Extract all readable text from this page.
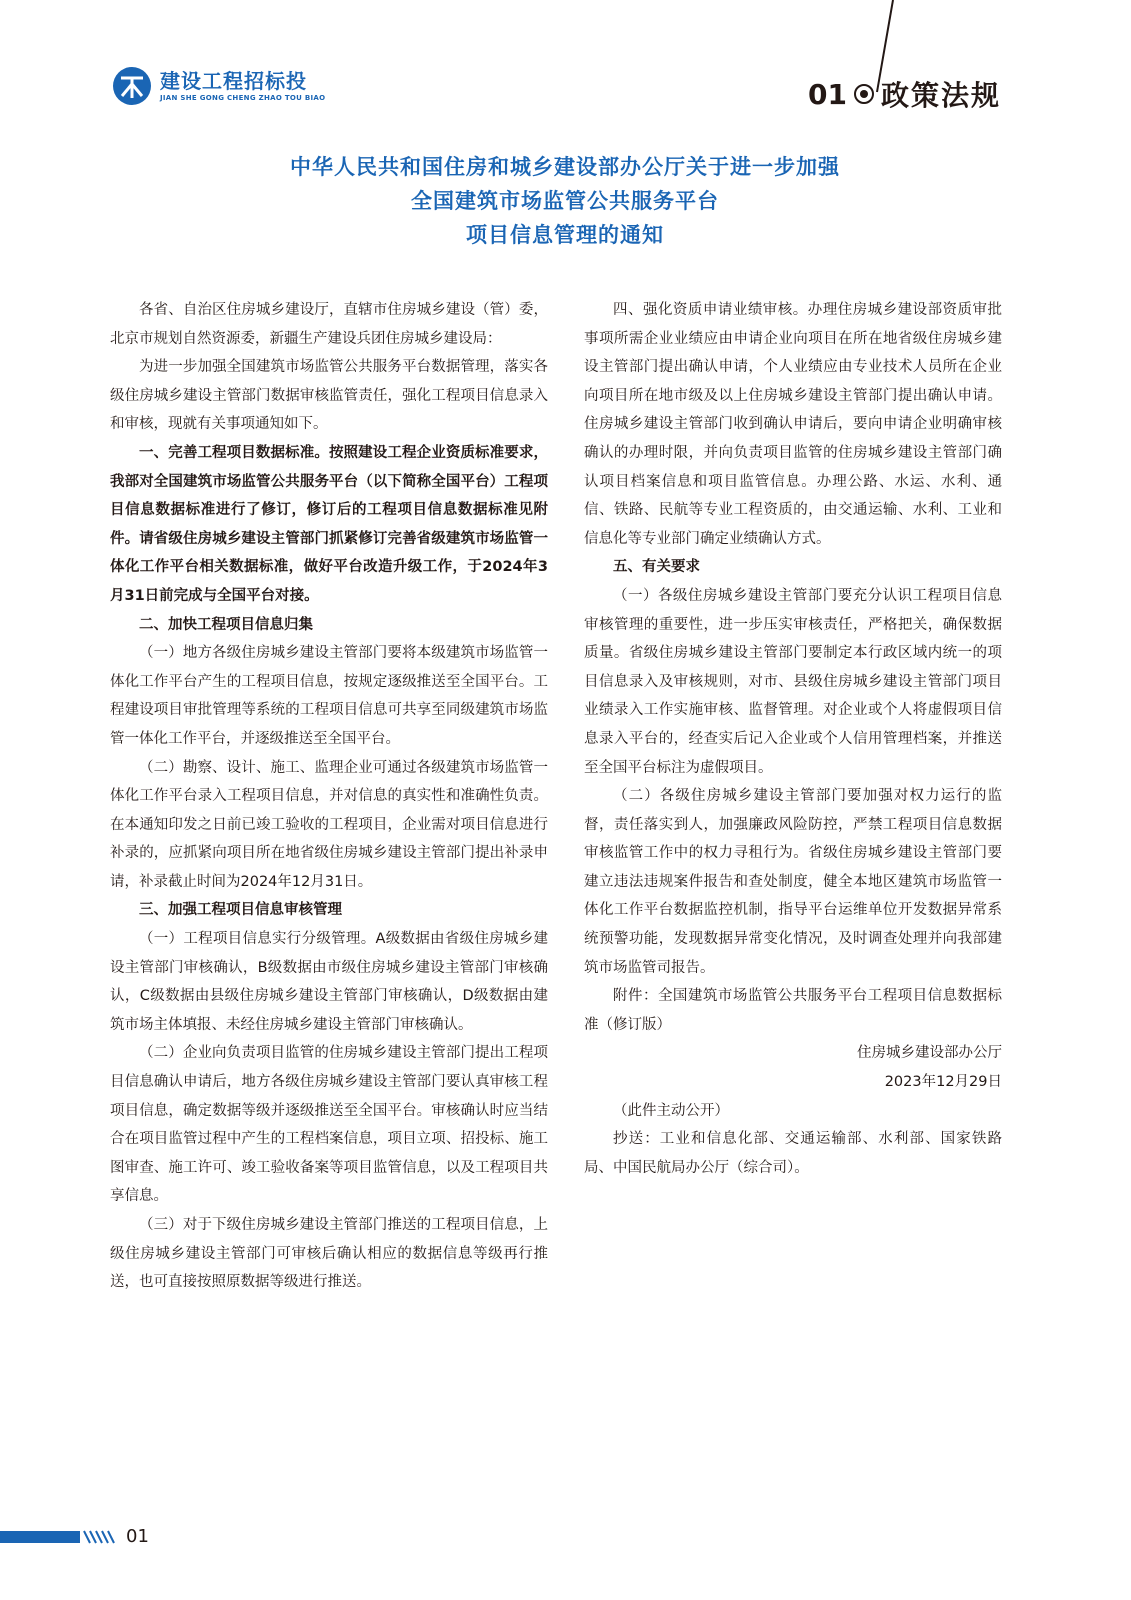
建设工程招标投
JIAN SHE GONG CHENG ZHAO TOU BIAO	01 政策法规
中华人民共和国住房和城乡建设部办公厅关于进一步加强
全国建筑市场监管公共服务平台
项目信息管理的通知

各省、自治区住房城乡建设厅，直辖市住房城乡建设（管）委，北京市规划自然资源委，新疆生产建设兵团住房城乡建设局：

为进一步加强全国建筑市场监管公共服务平台数据管理，落实各级住房城乡建设主管部门数据审核监管责任，强化工程项目信息录入和审核，现就有关事项通知如下。

一、完善工程项目数据标准。按照建设工程企业资质标准要求，我部对全国建筑市场监管公共服务平台（以下简称全国平台）工程项目信息数据标准进行了修订，修订后的工程项目信息数据标准见附件。请省级住房城乡建设主管部门抓紧修订完善省级建筑市场监管一体化工作平台相关数据标准，做好平台改造升级工作，于2024年3月31日前完成与全国平台对接。

二、加快工程项目信息归集

（一）地方各级住房城乡建设主管部门要将本级建筑市场监管一体化工作平台产生的工程项目信息，按规定逐级推送至全国平台。工程建设项目审批管理等系统的工程项目信息可共享至同级建筑市场监管一体化工作平台，并逐级推送至全国平台。

（二）勘察、设计、施工、监理企业可通过各级建筑市场监管一体化工作平台录入工程项目信息，并对信息的真实性和准确性负责。在本通知印发之日前已竣工验收的工程项目，企业需对项目信息进行补录的，应抓紧向项目所在地省级住房城乡建设主管部门提出补录申请，补录截止时间为2024年12月31日。

三、加强工程项目信息审核管理

（一）工程项目信息实行分级管理。A级数据由省级住房城乡建设主管部门审核确认，B级数据由市级住房城乡建设主管部门审核确认，C级数据由县级住房城乡建设主管部门审核确认，D级数据由建筑市场主体填报、未经住房城乡建设主管部门审核确认。

（二）企业向负责项目监管的住房城乡建设主管部门提出工程项目信息确认申请后，地方各级住房城乡建设主管部门要认真审核工程项目信息，确定数据等级并逐级推送至全国平台。审核确认时应当结合在项目监管过程中产生的工程档案信息，项目立项、招投标、施工图审查、施工许可、竣工验收备案等项目监管信息，以及工程项目共享信息。

（三）对于下级住房城乡建设主管部门推送的工程项目信息，上级住房城乡建设主管部门可审核后确认相应的数据信息等级再行推送，也可直接按照原数据等级进行推送。

四、强化资质申请业绩审核。办理住房城乡建设部资质审批事项所需企业业绩应由申请企业向项目在所在地省级住房城乡建设主管部门提出确认申请，个人业绩应由专业技术人员所在企业向项目所在地市级及以上住房城乡建设主管部门提出确认申请。住房城乡建设主管部门收到确认申请后，要向申请企业明确审核确认的办理时限，并向负责项目监管的住房城乡建设主管部门确认项目档案信息和项目监管信息。办理公路、水运、水利、通信、铁路、民航等专业工程资质的，由交通运输、水利、工业和信息化等专业部门确定业绩确认方式。

五、有关要求

（一）各级住房城乡建设主管部门要充分认识工程项目信息审核管理的重要性，进一步压实审核责任，严格把关，确保数据质量。省级住房城乡建设主管部门要制定本行政区域内统一的项目信息录入及审核规则，对市、县级住房城乡建设主管部门项目业绩录入工作实施审核、监督管理。对企业或个人将虚假项目信息录入平台的，经查实后记入企业或个人信用管理档案，并推送至全国平台标注为虚假项目。

（二）各级住房城乡建设主管部门要加强对权力运行的监督，责任落实到人，加强廉政风险防控，严禁工程项目信息数据审核监管工作中的权力寻租行为。省级住房城乡建设主管部门要建立违法违规案件报告和查处制度，健全本地区建筑市场监管一体化工作平台数据监控机制，指导平台运维单位开发数据异常系统预警功能，发现数据异常变化情况，及时调查处理并向我部建筑市场监管司报告。

附件：全国建筑市场监管公共服务平台工程项目信息数据标准（修订版）

住房城乡建设部办公厅

2023年12月29日

（此件主动公开）

抄送：工业和信息化部、交通运输部、水利部、国家铁路局、中国民航局办公厅（综合司）。

01
